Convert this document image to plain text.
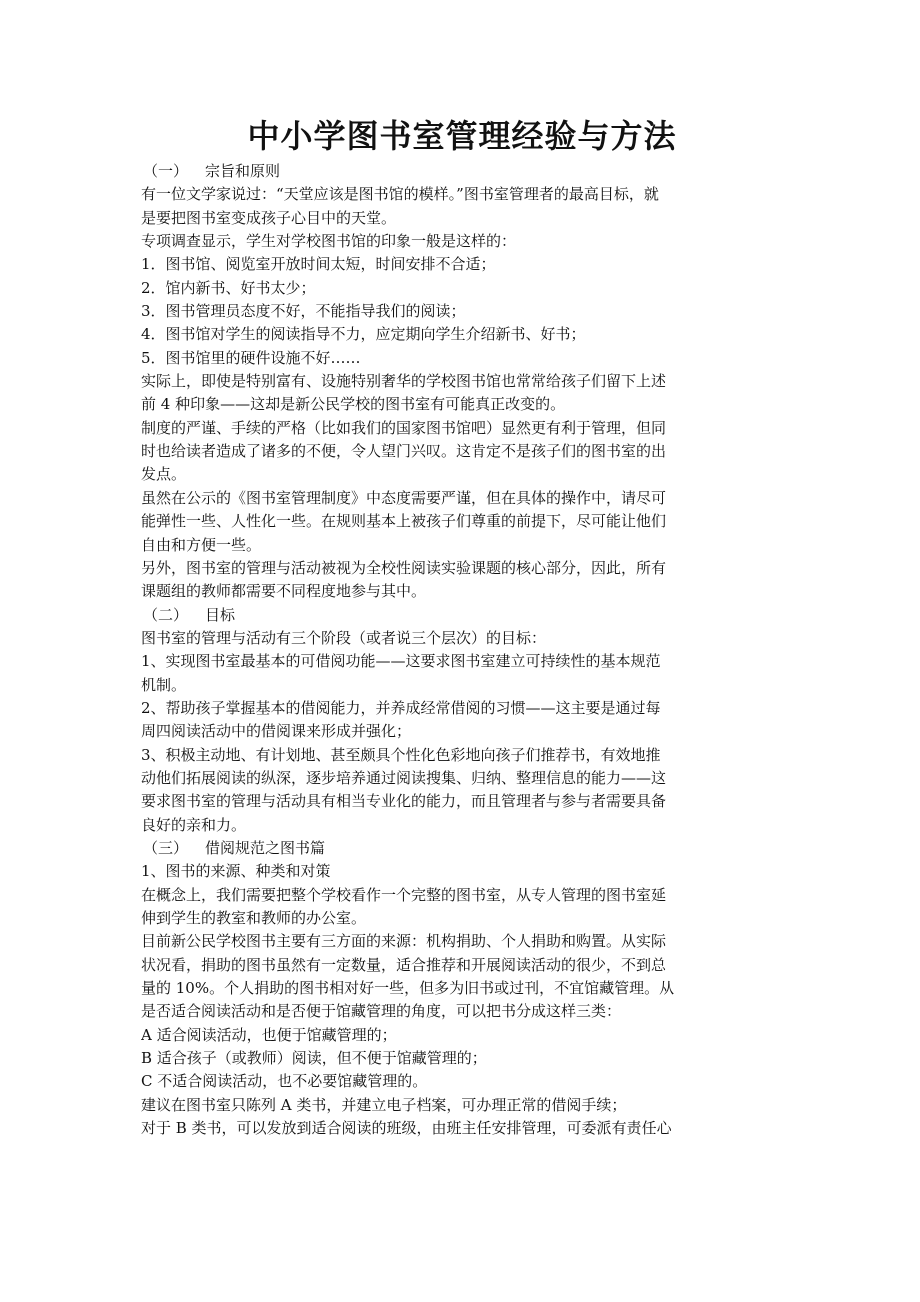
中小学图书室管理经验与方法
（一） 宗旨和原则
有一位文学家说过：“天堂应该是图书馆的模样。”图书室管理者的最高目标，就
是要把图书室变成孩子心目中的天堂。
专项调查显示，学生对学校图书馆的印象一般是这样的：
1．图书馆、阅览室开放时间太短，时间安排不合适；
2．馆内新书、好书太少；
3．图书管理员态度不好，不能指导我们的阅读；
4．图书馆对学生的阅读指导不力，应定期向学生介绍新书、好书；
5．图书馆里的硬件设施不好……
实际上，即使是特别富有、设施特别奢华的学校图书馆也常常给孩子们留下上述
前 4 种印象——这却是新公民学校的图书室有可能真正改变的。
制度的严谨、手续的严格（比如我们的国家图书馆吧）显然更有利于管理，但同
时也给读者造成了诸多的不便，令人望门兴叹。这肯定不是孩子们的图书室的出
发点。
虽然在公示的《图书室管理制度》中态度需要严谨，但在具体的操作中，请尽可
能弹性一些、人性化一些。在规则基本上被孩子们尊重的前提下，尽可能让他们
自由和方便一些。
另外，图书室的管理与活动被视为全校性阅读实验课题的核心部分，因此，所有
课题组的教师都需要不同程度地参与其中。
（二） 目标
图书室的管理与活动有三个阶段（或者说三个层次）的目标：
1、实现图书室最基本的可借阅功能——这要求图书室建立可持续性的基本规范
机制。
2、帮助孩子掌握基本的借阅能力，并养成经常借阅的习惯——这主要是通过每
周四阅读活动中的借阅课来形成并强化；
3、积极主动地、有计划地、甚至颇具个性化色彩地向孩子们推荐书，有效地推
动他们拓展阅读的纵深，逐步培养通过阅读搜集、归纳、整理信息的能力——这
要求图书室的管理与活动具有相当专业化的能力，而且管理者与参与者需要具备
良好的亲和力。
（三） 借阅规范之图书篇
1、图书的来源、种类和对策
在概念上，我们需要把整个学校看作一个完整的图书室，从专人管理的图书室延
伸到学生的教室和教师的办公室。
目前新公民学校图书主要有三方面的来源：机构捐助、个人捐助和购置。从实际
状况看，捐助的图书虽然有一定数量，适合推荐和开展阅读活动的很少，不到总
量的 10%。个人捐助的图书相对好一些，但多为旧书或过刊，不宜馆藏管理。从
是否适合阅读活动和是否便于馆藏管理的角度，可以把书分成这样三类：
A 适合阅读活动，也便于馆藏管理的；
B 适合孩子（或教师）阅读，但不便于馆藏管理的；
C 不适合阅读活动，也不必要馆藏管理的。
建议在图书室只陈列 A 类书，并建立电子档案，可办理正常的借阅手续；
对于 B 类书，可以发放到适合阅读的班级，由班主任安排管理，可委派有责任心
